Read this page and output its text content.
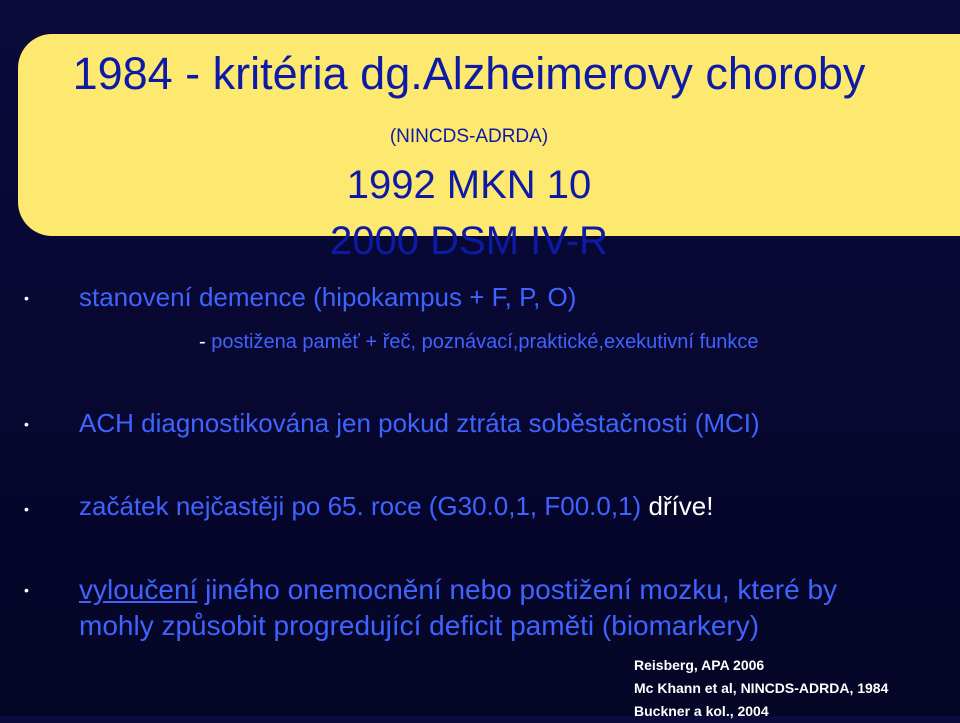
1984 - kritéria dg.Alzheimerovy choroby
(NINCDS-ADRDA)
1992 MKN 10
2000 DSM IV-R
• stanovení demence (hipokampus + F, P, O)
- postižena paměť + řeč, poznávací,praktické,exekutivní funkce
• ACH diagnostikována jen pokud ztráta soběstačnosti (MCI)
• začátek nejčastěji po 65. roce (G30.0,1, F00.0,1) dříve!
• vyloučení jiného onemocnění nebo postižení mozku, které by
mohly způsobit progredující deficit paměti (biomarkery)
Reisberg, APA 2006
Mc Khann et al, NINCDS-ADRDA, 1984
Buckner a kol., 2004
